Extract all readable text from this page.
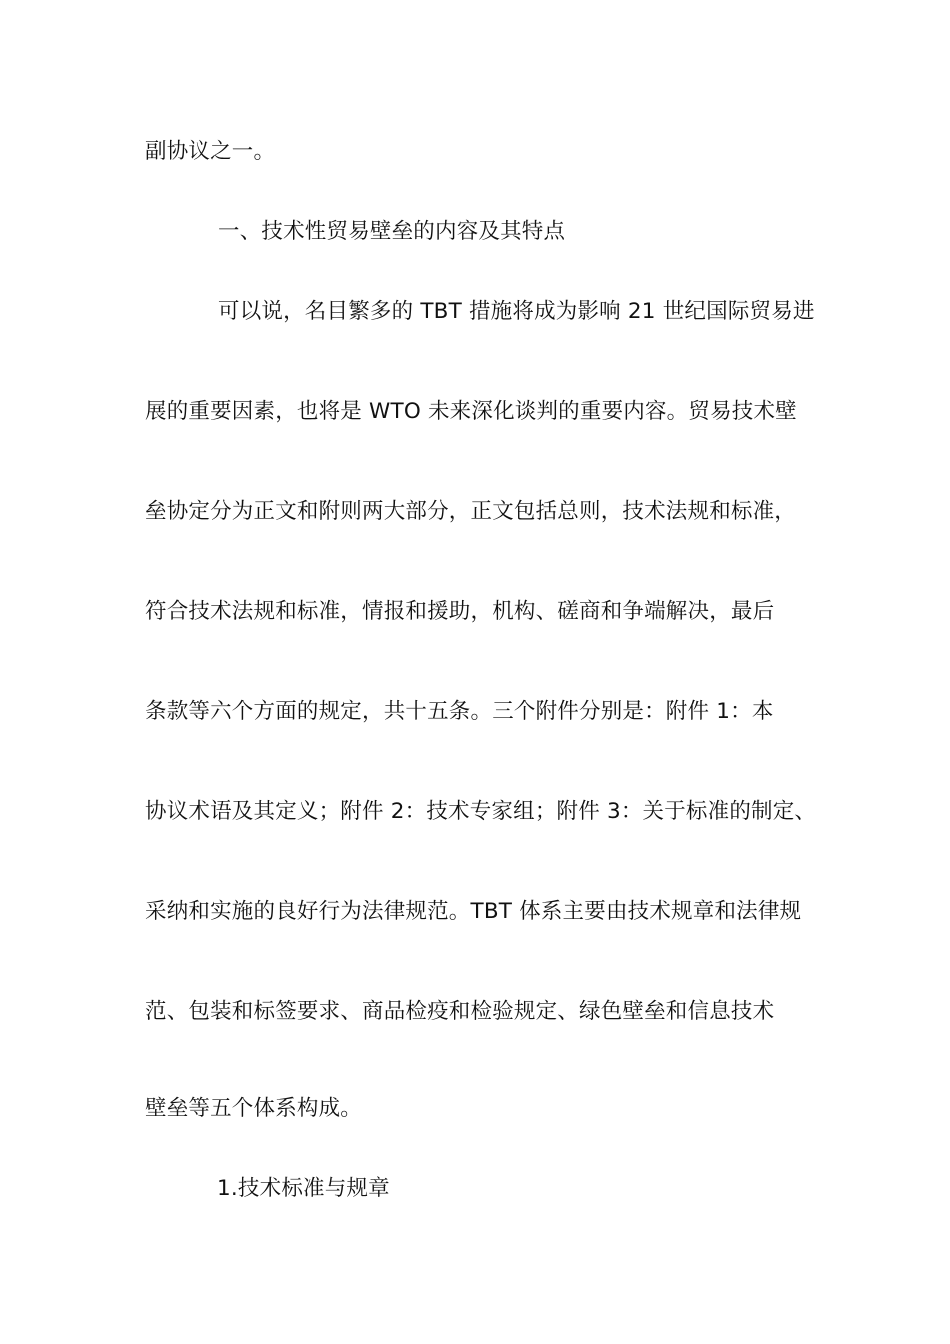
副协议之一。
一、技术性贸易壁垒的内容及其特点
可以说，名目繁多的 TBT 措施将成为影响 21 世纪国际贸易进
展的重要因素，也将是 WTO 未来深化谈判的重要内容。贸易技术壁
垒协定分为正文和附则两大部分，正文包括总则，技术法规和标准，
符合技术法规和标准，情报和援助，机构、磋商和争端解决，最后
条款等六个方面的规定，共十五条。三个附件分别是：附件 1：本
协议术语及其定义；附件 2：技术专家组；附件 3：关于标准的制定、
采纳和实施的良好行为法律规范。TBT 体系主要由技术规章和法律规
范、包装和标签要求、商品检疫和检验规定、绿色壁垒和信息技术
壁垒等五个体系构成。
1.技术标准与规章
